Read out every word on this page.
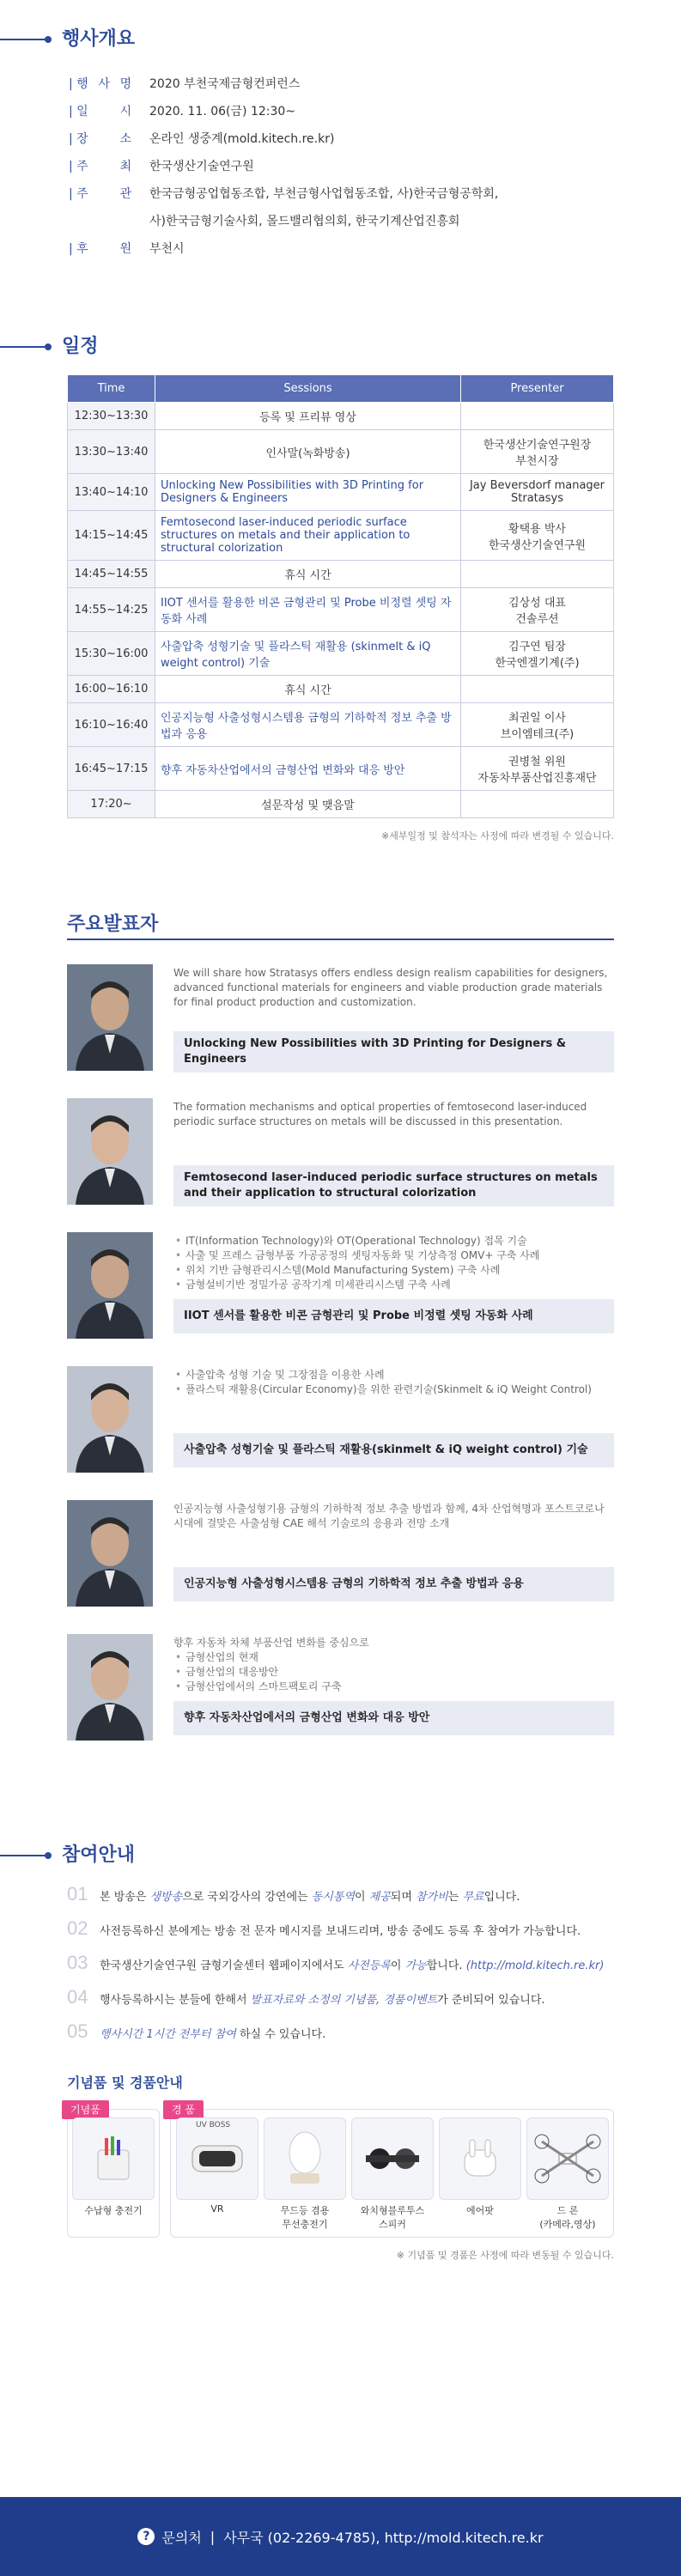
행사개요
| 행 사 명	2020 부천국제금형컨퍼런스
| 일 시	2020. 11. 06(금) 12:30~
| 장 소	온라인 생중계(mold.kitech.re.kr)
| 주 최	한국생산기술연구원
| 주 관	한국금형공업협동조합, 부천금형사업협동조합, 사)한국금형공학회,
사)한국금형기술사회, 몰드밸리협의회, 한국기계산업진흥회
| 후 원	부천시
일정
Time	Sessions	Presenter
12:30~13:30	등록 및 프리뷰 영상	
13:30~13:40	인사말(녹화방송)	한국생산기술연구원장
부천시장
13:40~14:10	Unlocking New Possibilities with 3D Printing for Designers & Engineers	Jay Beversdorf manager
Stratasys
14:15~14:45	Femtosecond laser-induced periodic surface structures on metals and their application to structural colorization	황택용 박사
한국생산기술연구원
14:45~14:55	휴식 시간	
14:55~14:25	IIOT 센서를 활용한 비콘 금형관리 및 Probe 비정렬 셋팅 자동화 사례	김상성 대표
건솔루션
15:30~16:00	사출압축 성형기술 및 플라스틱 재활용 (skinmelt & iQ weight control) 기술	김구연 팀장
한국엔겔기계(주)
16:00~16:10	휴식 시간	
16:10~16:40	인공지능형 사출성형시스템용 금형의 기하학적 정보 추출 방법과 응용	최권일 이사
브이엠테크(주)
16:45~17:15	향후 자동차산업에서의 금형산업 변화와 대응 방안	권병철 위원
자동차부품산업진흥재단
17:20~	설문작성 및 맺음말	
※세부일정 및 참석자는 사정에 따라 변경될 수 있습니다.
주요발표자
We will share how Stratasys offers endless design realism capabilities for designers, advanced functional materials for engineers and viable production grade materials for final product production and customization.
Unlocking New Possibilities with 3D Printing for Designers & Engineers
The formation mechanisms and optical properties of femtosecond laser-induced periodic surface structures on metals will be discussed in this presentation.
Femtosecond laser-induced periodic surface structures on metals and their application to structural colorization
• IT(Information Technology)와 OT(Operational Technology) 접목 기술
• 사출 및 프레스 금형부품 가공공정의 셋팅자동화 및 기상측정 OMV+ 구축 사례
• 위치 기반 금형관리시스템(Mold Manufacturing System) 구축 사례
• 금형설비기반 정밀가공 공작기계 미세관리시스템 구축 사례
IIOT 센서를 활용한 비콘 금형관리 및 Probe 비정렬 셋팅 자동화 사례
• 사출압축 성형 기술 및 그장점을 이용한 사례
• 플라스틱 재활용(Circular Economy)을 위한 관련기술(Skinmelt & iQ Weight Control)
사출압축 성형기술 및 플라스틱 재활용(skinmelt & iQ weight control) 기술
인공지능형 사출성형기용 금형의 기하학적 정보 추출 방법과 함께, 4차 산업혁명과 포스트코로나 시대에 걸맞은 사출성형 CAE 해석 기술로의 응용과 전망 소개
인공지능형 사출성형시스템용 금형의 기하학적 정보 추출 방법과 응용
향후 자동차 차체 부품산업 변화를 중심으로
• 금형산업의 현재
• 금형산업의 대응방안
• 금형산업에서의 스마트팩토리 구축
향후 자동차산업에서의 금형산업 변화와 대응 방안
참여안내
01	본 방송은 생방송으로 국외강사의 강연에는 동시통역이 제공되며 참가비는 무료입니다.
02	사전등록하신 분에게는 방송 전 문자 메시지를 보내드리며, 방송 중에도 등록 후 참여가 가능합니다.
03	한국생산기술연구원 금형기술센터 웹페이지에서도 사전등록이 가능합니다. (http://mold.kitech.re.kr)
04	행사등록하시는 분들에 한해서 발표자료와 소정의 기념품, 경품이벤트가 준비되어 있습니다.
05	행사시간 1시간 전부터 참여 하실 수 있습니다.
기념품 및 경품안내
기념품	경 품
수납형 충전기	VR	무드등 겸용
무선충전기
와치형블루투스
스피커
에어팟	드 론
(카메라,영상)
UV BOSS
※ 기념품 및 경품은 사정에 따라 변동될 수 있습니다.
? 문의처 | 사무국 (02-2269-4785), http://mold.kitech.re.kr
